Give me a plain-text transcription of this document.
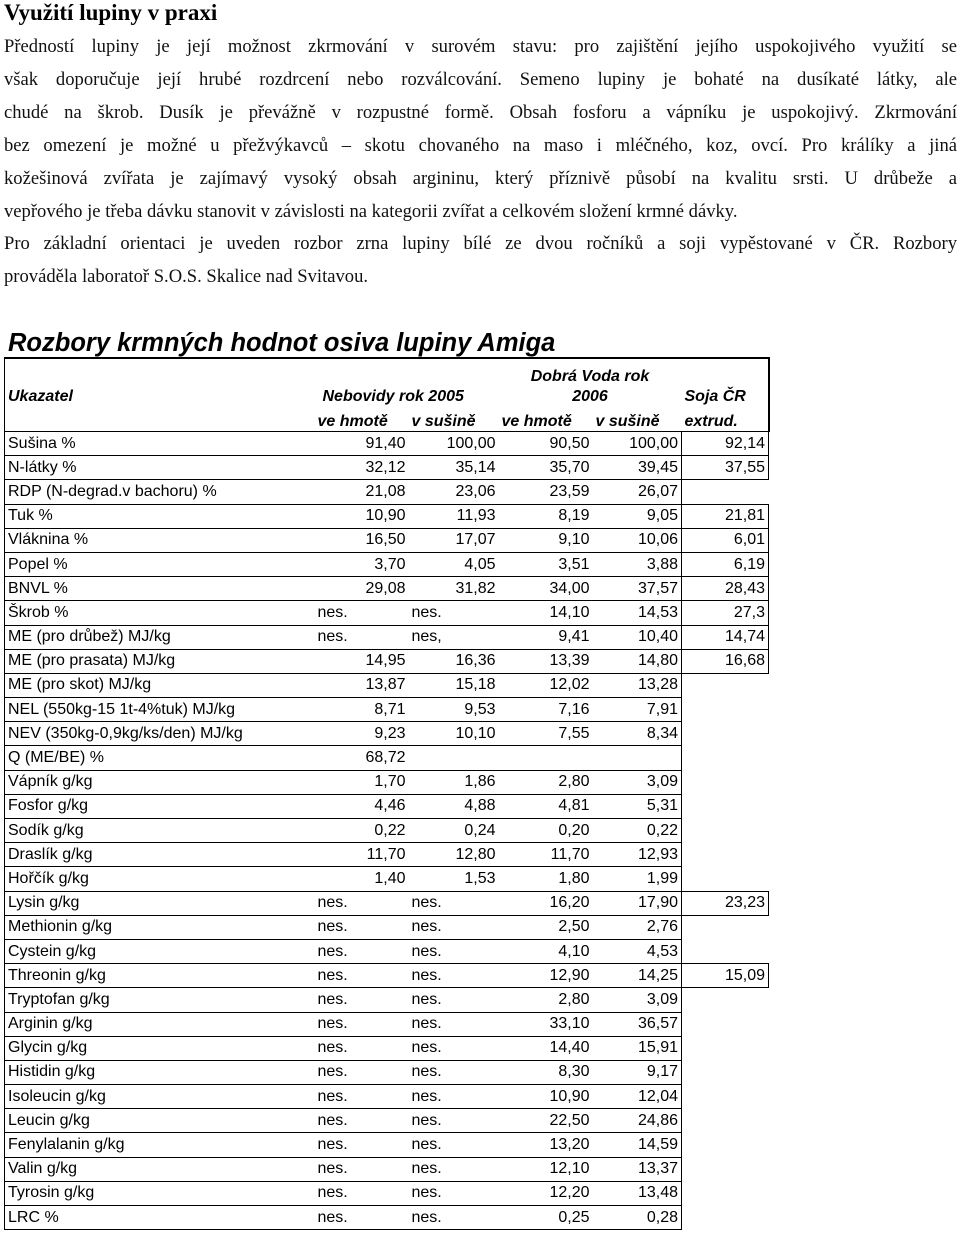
Využití lupiny v praxi

Předností lupiny je její možnost zkrmování v surovém stavu: pro zajištění jejího uspokojivého využití se
však doporučuje její hrubé rozdrcení nebo rozválcování. Semeno lupiny je bohaté na dusíkaté látky, ale
chudé na škrob. Dusík je převážně v rozpustné formě. Obsah fosforu a vápníku je uspokojivý. Zkrmování
bez omezení je možné u přežvýkavců – skotu chovaného na maso i mléčného, koz, ovcí. Pro králíky a jiná
kožešinová zvířata je zajímavý vysoký obsah argininu, který příznivě působí na kvalitu srsti. U drůbeže a
vepřového je třeba dávku stanovit v závislosti na kategorii zvířat a celkovém složení krmné dávky.
Pro základní orientaci je uveden rozbor zrna lupiny bílé ze dvou ročníků a soji vypěstované v ČR. Rozbory
prováděla laboratoř S.O.S. Skalice nad Svitavou.

Rozbory krmných hodnot osiva lupiny Amiga
Ukazatel	Nebovidy rok 2005		Dobrá Voda rok
2006		Soja ČR
	ve hmotě	v sušině	ve hmotě	v sušině	extrud.
Sušina %	91,40	100,00	90,50	100,00	92,14
N-látky %	32,12	35,14	35,70	39,45	37,55
RDP (N-degrad.v bachoru) %	21,08	23,06	23,59	26,07	
Tuk %	10,90	11,93	8,19	9,05	21,81
Vláknina %	16,50	17,07	9,10	10,06	6,01
Popel %	3,70	4,05	3,51	3,88	6,19
BNVL %	29,08	31,82	34,00	37,57	28,43
Škrob %	nes.	nes.	14,10	14,53	27,3
ME (pro drůbež) MJ/kg	nes.	nes,	9,41	10,40	14,74
ME (pro prasata) MJ/kg	14,95	16,36	13,39	14,80	16,68
ME (pro skot) MJ/kg	13,87	15,18	12,02	13,28	
NEL (550kg-15 1t-4%tuk) MJ/kg	8,71	9,53	7,16	7,91	
NEV (350kg-0,9kg/ks/den) MJ/kg	9,23	10,10	7,55	8,34	
Q (ME/BE) %	68,72				
Vápník g/kg	1,70	1,86	2,80	3,09	
Fosfor g/kg	4,46	4,88	4,81	5,31	
Sodík g/kg	0,22	0,24	0,20	0,22	
Draslík g/kg	11,70	12,80	11,70	12,93	
Hořčík g/kg	1,40	1,53	1,80	1,99	
Lysin g/kg	nes.	nes.	16,20	17,90	23,23
Methionin g/kg	nes.	nes.	2,50	2,76	
Cystein g/kg	nes.	nes.	4,10	4,53	
Threonin g/kg	nes.	nes.	12,90	14,25	15,09
Tryptofan g/kg	nes.	nes.	2,80	3,09	
Arginin g/kg	nes.	nes.	33,10	36,57	
Glycin g/kg	nes.	nes.	14,40	15,91	
Histidin g/kg	nes.	nes.	8,30	9,17	
Isoleucin g/kg	nes.	nes.	10,90	12,04	
Leucin g/kg	nes.	nes.	22,50	24,86	
Fenylalanin g/kg	nes.	nes.	13,20	14,59	
Valin g/kg	nes.	nes.	12,10	13,37	
Tyrosin g/kg	nes.	nes.	12,20	13,48	
LRC %	nes.	nes.	0,25	0,28	
